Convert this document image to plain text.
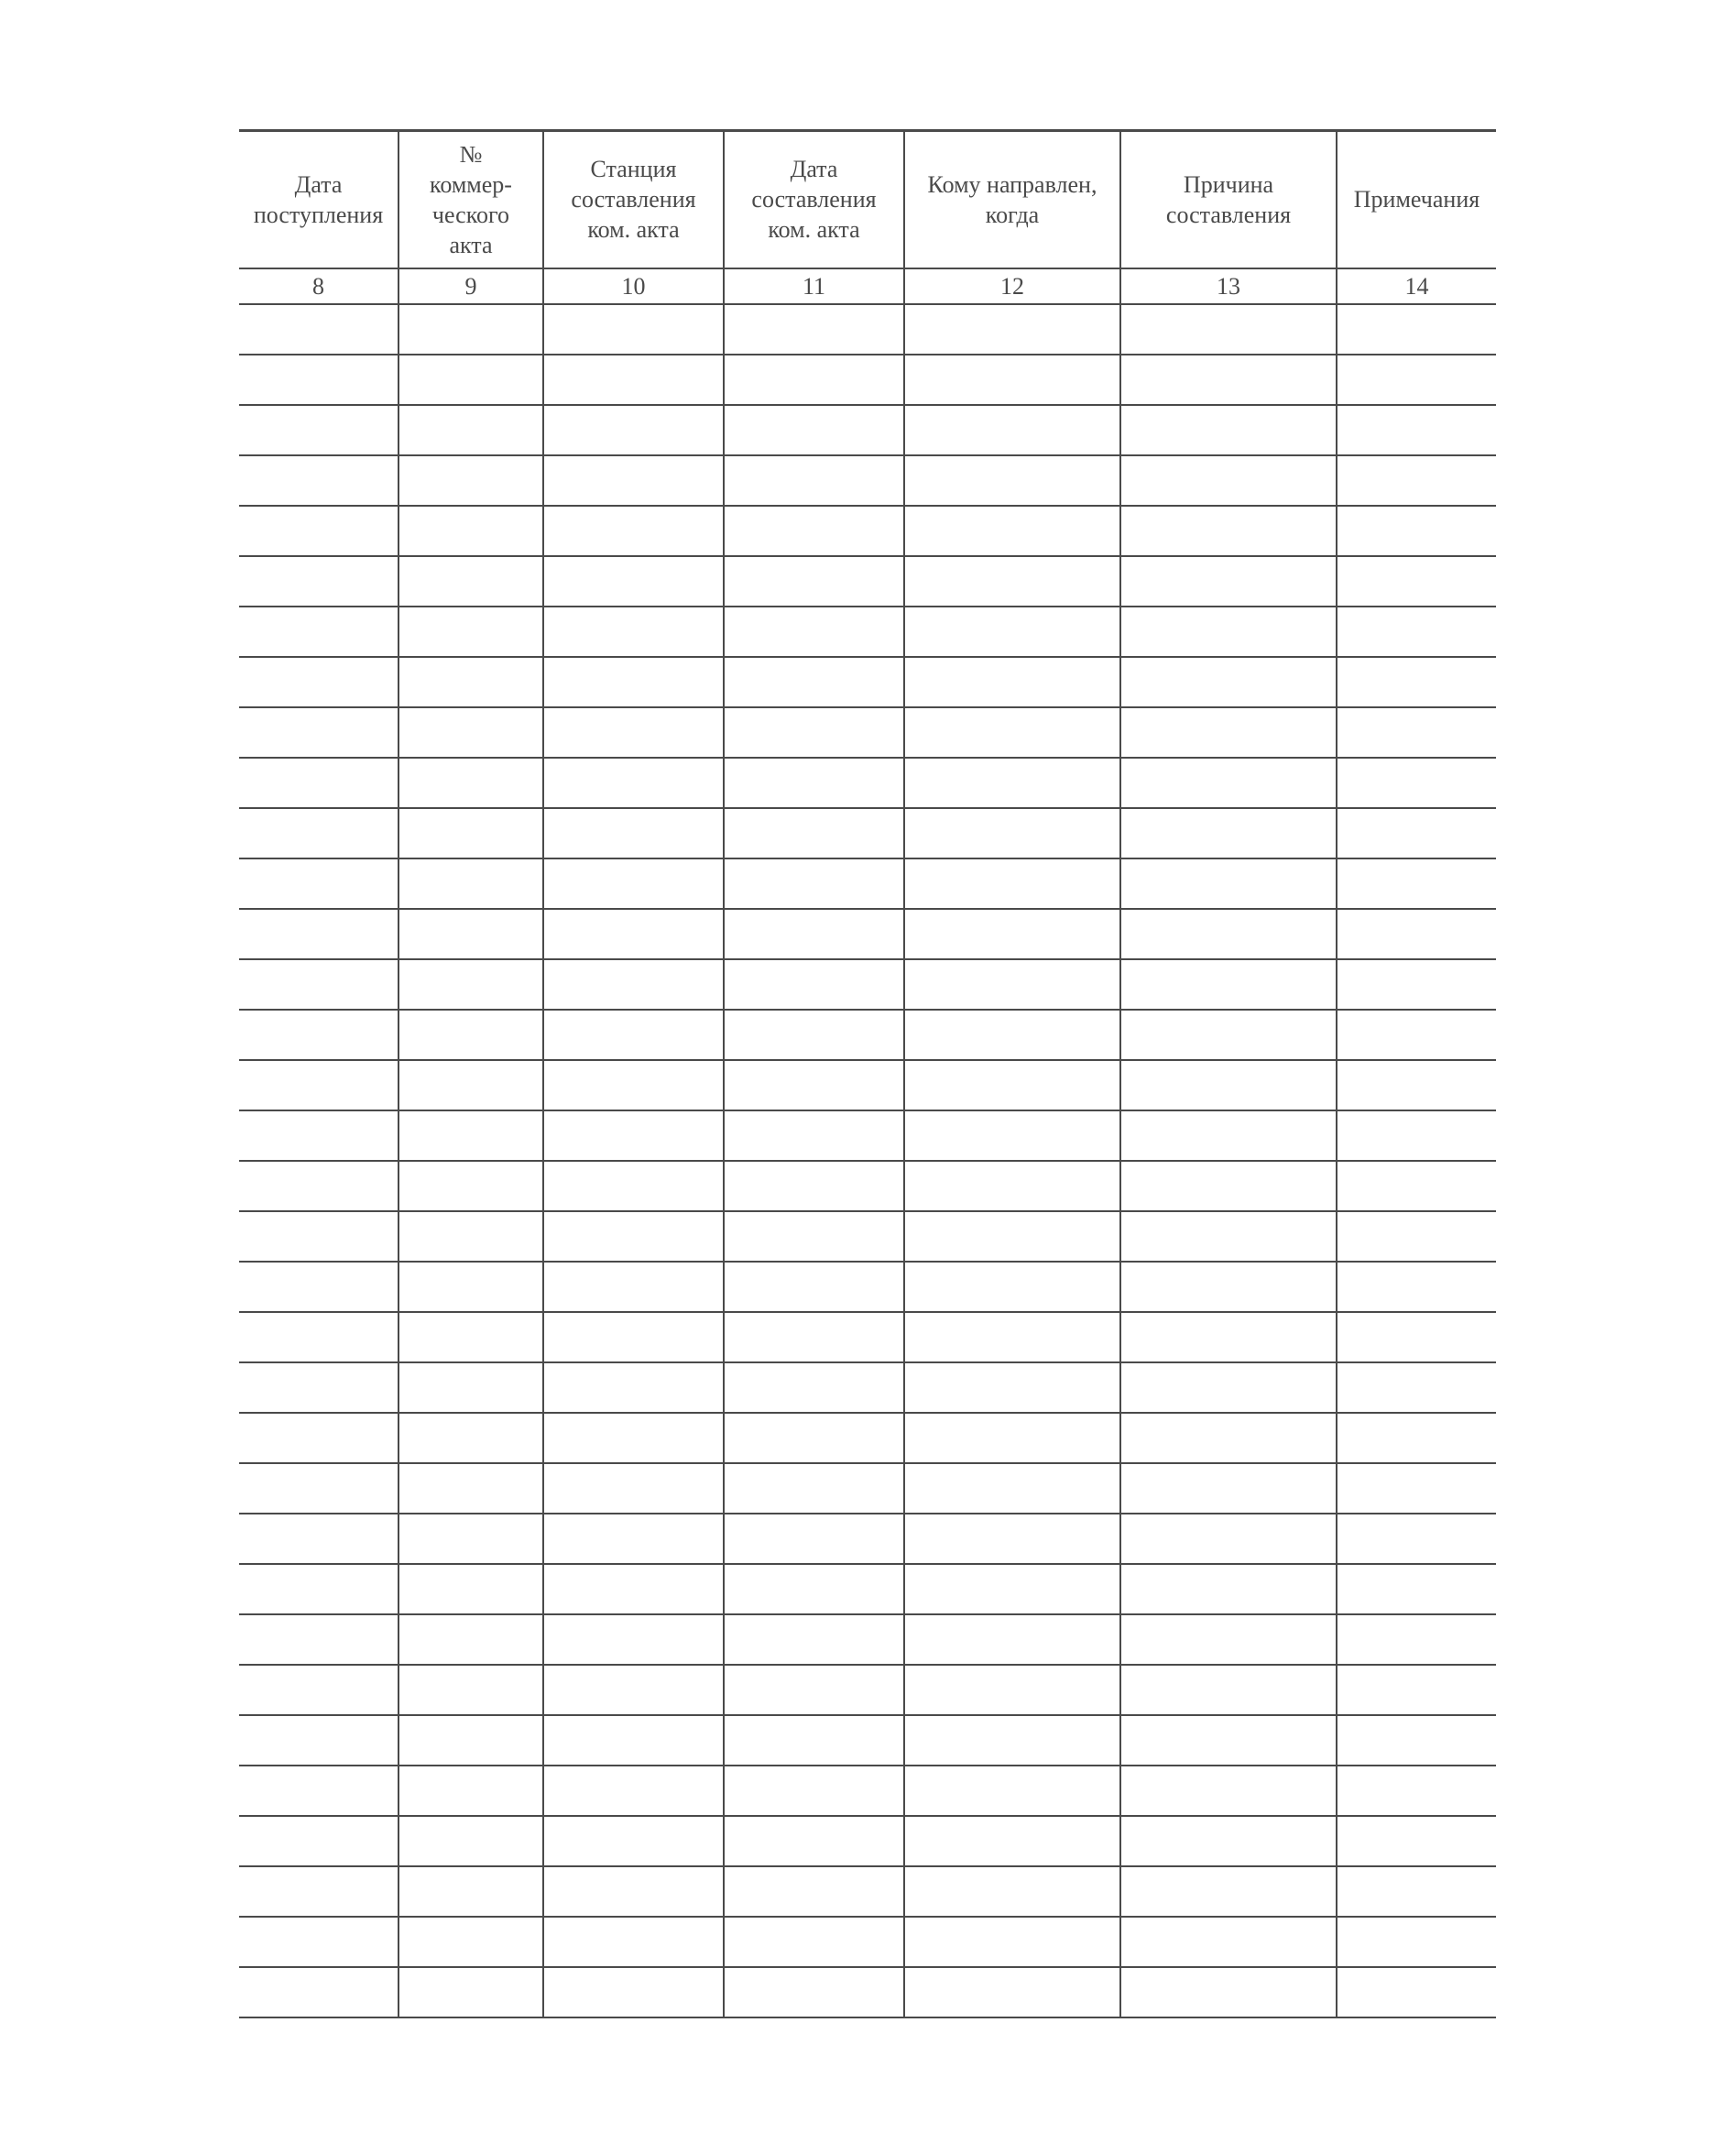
Дата
поступления	№
коммер-
ческого
акта	Станция
составления
ком. акта	Дата
составления
ком. акта	Кому направлен,
когда	Причина
составления	Примечания
8	9	10	11	12	13	14
